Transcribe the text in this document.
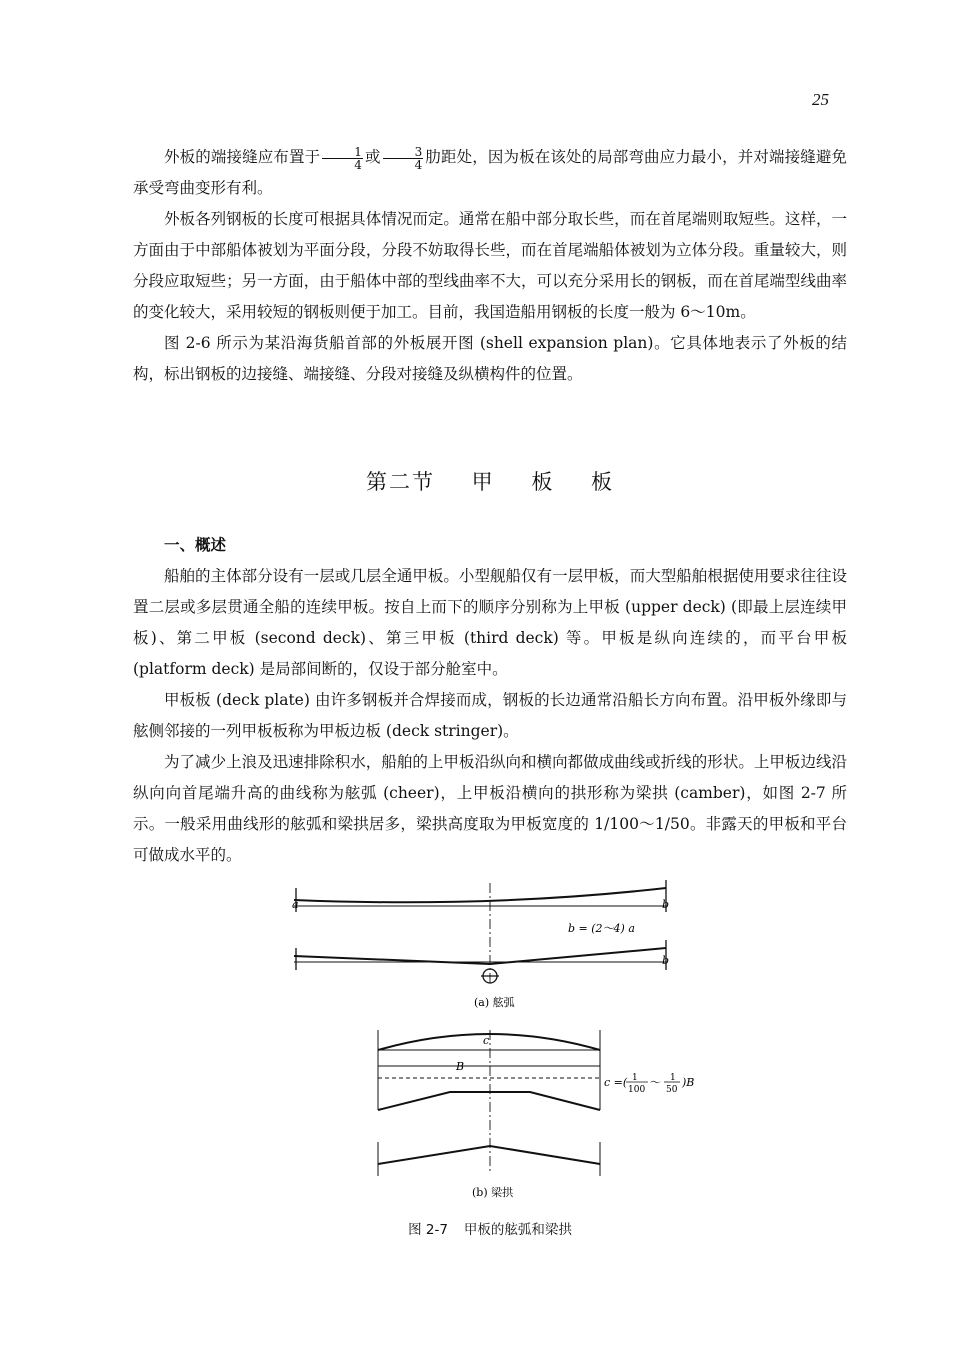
25

外板的端接缝应布置于 $\frac{1}{4}$ 或 $\frac{3}{4}$ 肋距处，因为板在该处的局部弯曲应力最小，并对端接缝避免承受弯曲变形有利。

外板各列钢板的长度可根据具体情况而定。通常在船中部分取长些，而在首尾端则取短些。这样，一方面由于中部船体被划为平面分段，分段不妨取得长些，而在首尾端船体被划为立体分段。重量较大，则分段应取短些；另一方面，由于船体中部的型线曲率不大，可以充分采用长的钢板，而在首尾端型线曲率的变化较大，采用较短的钢板则便于加工。目前，我国造船用钢板的长度一般为 6～10m。

图 2-6 所示为某沿海货船首部的外板展开图 (shell expansion plan)。它具体地表示了外板的结构，标出钢板的边接缝、端接缝、分段对接缝及纵横构件的位置。

第二节 甲 板 板

一、概述

船舶的主体部分设有一层或几层全通甲板。小型舰船仅有一层甲板，而大型船舶根据使用要求往往设置二层或多层贯通全船的连续甲板。按自上而下的顺序分别称为上甲板 (upper deck) (即最上层连续甲板)、第二甲板 (second deck)、第三甲板 (third deck) 等。甲板是纵向连续的，而平台甲板 (platform deck) 是局部间断的，仅设于部分舱室中。

甲板板 (deck plate) 由许多钢板并合焊接而成，钢板的长边通常沿船长方向布置。沿甲板外缘即与舷侧邻接的一列甲板板称为甲板边板 (deck stringer)。

为了减少上浪及迅速排除积水，船舶的上甲板沿纵向和横向都做成曲线或折线的形状。上甲板边线沿纵向向首尾端升高的曲线称为舷弧 (cheer)，上甲板沿横向的拱形称为梁拱 (camber)，如图 2-7 所示。一般采用曲线形的舷弧和梁拱居多，梁拱高度取为甲板宽度的 1/100～1/50。非露天的甲板和平台可做成水平的。

a	b
b
b = (2～4) a
(a) 舷弧
c
B
c =( 1
100
～ 1
50
)B
(b) 梁拱
图 2-7 甲板的舷弧和梁拱
